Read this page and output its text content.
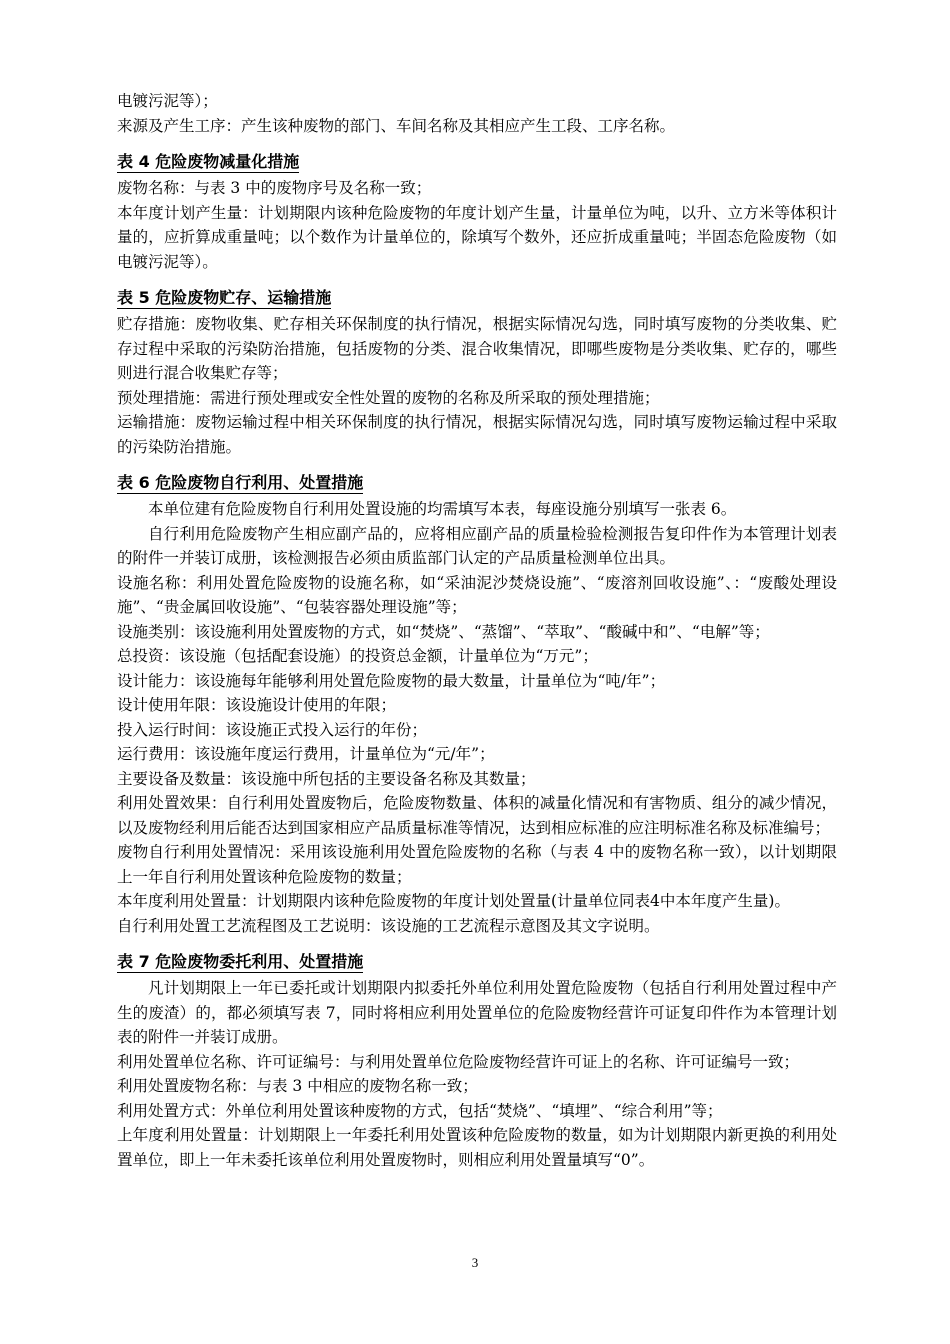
电镀污泥等）；

来源及产生工序：产生该种废物的部门、车间名称及其相应产生工段、工序名称。

表 4 危险废物减量化措施

废物名称：与表 3 中的废物序号及名称一致；

本年度计划产生量：计划期限内该种危险废物的年度计划产生量，计量单位为吨，以升、立方米等体积计量的，应折算成重量吨；以个数作为计量单位的，除填写个数外，还应折成重量吨；半固态危险废物（如电镀污泥等）。

表 5 危险废物贮存、运输措施

贮存措施：废物收集、贮存相关环保制度的执行情况，根据实际情况勾选，同时填写废物的分类收集、贮存过程中采取的污染防治措施，包括废物的分类、混合收集情况，即哪些废物是分类收集、贮存的，哪些则进行混合收集贮存等；

预处理措施：需进行预处理或安全性处置的废物的名称及所采取的预处理措施；

运输措施：废物运输过程中相关环保制度的执行情况，根据实际情况勾选，同时填写废物运输过程中采取的污染防治措施。

表 6 危险废物自行利用、处置措施

本单位建有危险废物自行利用处置设施的均需填写本表，每座设施分别填写一张表 6。

自行利用危险废物产生相应副产品的，应将相应副产品的质量检验检测报告复印件作为本管理计划表的附件一并装订成册，该检测报告必须由质监部门认定的产品质量检测单位出具。

设施名称：利用处置危险废物的设施名称，如“采油泥沙焚烧设施”、“废溶剂回收设施”、：“废酸处理设施”、“贵金属回收设施”、“包装容器处理设施”等；

设施类别：该设施利用处置废物的方式，如“焚烧”、“蒸馏”、“萃取”、“酸碱中和”、“电解”等；

总投资：该设施（包括配套设施）的投资总金额，计量单位为“万元”；

设计能力：该设施每年能够利用处置危险废物的最大数量，计量单位为“吨/年”；

设计使用年限：该设施设计使用的年限；

投入运行时间：该设施正式投入运行的年份；

运行费用：该设施年度运行费用，计量单位为“元/年”；

主要设备及数量：该设施中所包括的主要设备名称及其数量；

利用处置效果：自行利用处置废物后，危险废物数量、体积的减量化情况和有害物质、组分的减少情况，以及废物经利用后能否达到国家相应产品质量标准等情况，达到相应标准的应注明标准名称及标准编号；

废物自行利用处置情况：采用该设施利用处置危险废物的名称（与表 4 中的废物名称一致），以计划期限上一年自行利用处置该种危险废物的数量；

本年度利用处置量：计划期限内该种危险废物的年度计划处置量(计量单位同表4中本年度产生量)。

自行利用处置工艺流程图及工艺说明：该设施的工艺流程示意图及其文字说明。

表 7 危险废物委托利用、处置措施

凡计划期限上一年已委托或计划期限内拟委托外单位利用处置危险废物（包括自行利用处置过程中产生的废渣）的，都必须填写表 7，同时将相应利用处置单位的危险废物经营许可证复印件作为本管理计划表的附件一并装订成册。

利用处置单位名称、许可证编号：与利用处置单位危险废物经营许可证上的名称、许可证编号一致；

利用处置废物名称：与表 3 中相应的废物名称一致；

利用处置方式：外单位利用处置该种废物的方式，包括“焚烧”、“填埋”、“综合利用”等；

上年度利用处置量：计划期限上一年委托利用处置该种危险废物的数量，如为计划期限内新更换的利用处置单位，即上一年未委托该单位利用处置废物时，则相应利用处置量填写“0”。

3
